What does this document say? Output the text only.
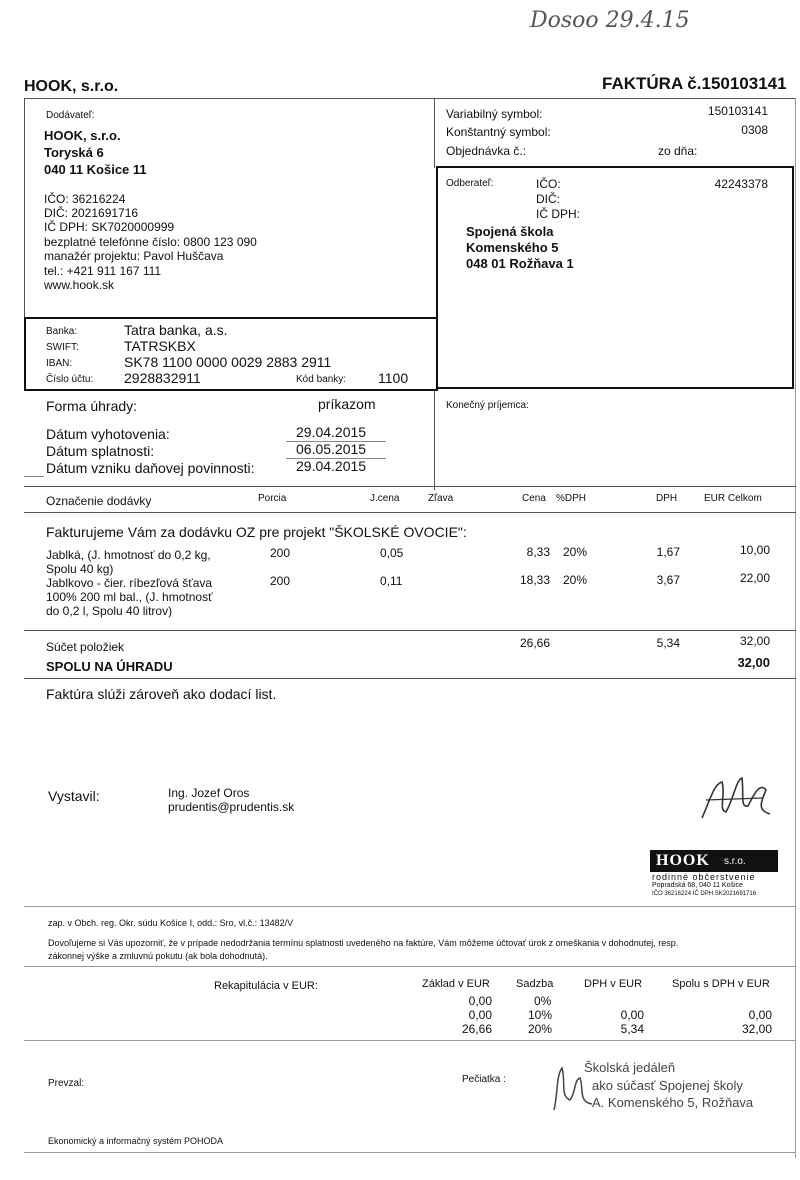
Dosoo 29.4.15
HOOK, s.r.o.	FAKTÚRA č.150103141
Dodávateľ:
HOOK, s.r.o.
Toryská 6
040 11 Košice 11
IČO: 36216224
DIČ: 2021691716
IČ DPH: SK7020000999
bezplatné telefónne číslo: 0800 123 090
manažér projektu: Pavol Huščava
tel.: +421 911 167 111
www.hook.sk
Variabilný symbol:	150103141
Konštantný symbol:	0308
Objednávka č.:	zo dňa:
Odberateľ:	IČO:	42243378
DIČ:
IČ DPH:
Spojená škola
Komenského 5
048 01 Rožňava 1
Banka:	Tatra banka, a.s.
SWIFT:	TATRSKBX
IBAN:	SK78 1100 0000 0029 2883 2911
Číslo účtu: 2928832911	Kód banky: 1100
Forma úhrady:	príkazom	Konečný príjemca:
Dátum vyhotovenia:	29.04.2015
Dátum splatnosti:	06.05.2015
Dátum vzniku daňovej povinnosti:	29.04.2015
Označenie dodávky	Porcia	J.cena	Zľava	Cena %DPH	DPH	EUR Celkom
Fakturujeme Vám za dodávku OZ pre projekt "ŠKOLSKÉ OVOCIE":
Jablká, (J. hmotnosť do 0,2 kg,
Spolu 40 kg)
200	0,05	8,33 20%	1,67	10,00
Jablkovo - čier. ríbezľová šťava
100% 200 ml bal., (J. hmotnosť
do 0,2 l, Spolu 40 litrov)
200	0,11	18,33 20%	3,67	22,00
Súčet položiek	26,66	5,34	32,00
SPOLU NA ÚHRADU	32,00
Faktúra slúži zároveň ako dodací list.
Vystavil:	Ing. Jozef Oros
prudentis@prudentis.sk
HOOK s.r.o.
rodinné občerstvenie
Popradská 68, 040 11 Košice
IČO 36216224 IČ DPH SK2021691716
zap. v Obch. reg. Okr. súdu Košice I, odd.: Sro, vl.č.: 13482/V
Dovoľujeme si Vás upozorniť, že v prípade nedodržania termínu splatnosti uvedeného na faktúre, Vám môžeme účtovať úrok z omeškania v dohodnutej, resp.
zákonnej výške a zmluvnú pokutu (ak bola dohodnutá).
Rekapitulácia v EUR:	Základ v EUR Sadzba	DPH v EUR	Spolu s DPH v EUR
0,00	0%
0,00	10%	0,00	0,00
26,66	20%	5,34	32,00
Prevzal:	Pečiatka :
Školská jedáleň
ako súčasť Spojenej školy
A. Komenského 5, Rožňava
Ekonomický a informačný systém POHODA
